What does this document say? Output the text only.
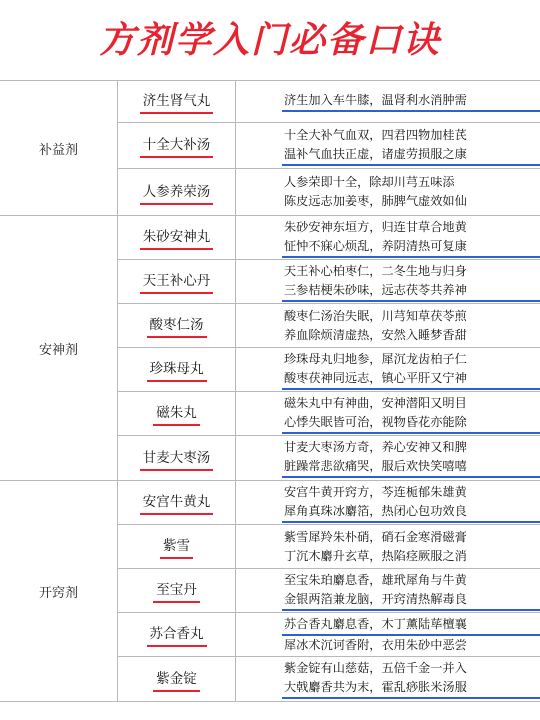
方剂学入门必备口诀
补益剂
济生肾气丸	济生加入车牛膝，温肾利水消肿需
十全大补汤
十全大补气血双，四君四物加桂芪
温补气血扶正虚，诸虚劳损服之康
人参养荣汤
人参荣即十全，除却川芎五味添
陈皮远志加姜枣，肺脾气虚效如仙
安神剂
朱砂安神丸
朱砂安神东垣方，归连甘草合地黄
怔忡不寐心烦乱，养阴清热可复康
天王补心丹
天王补心柏枣仁，二冬生地与归身
三参桔梗朱砂味，远志茯苓共养神
酸枣仁汤
酸枣仁汤治失眠，川芎知草茯苓煎
养血除烦清虚热，安然入睡梦香甜
珍珠母丸
珍珠母丸归地参，犀沉龙齿柏子仁
酸枣茯神同远志，镇心平肝又宁神
磁朱丸
磁朱丸中有神曲，安神潜阳又明目
心悸失眠皆可治，视物昏花亦能除
甘麦大枣汤
甘麦大枣汤方奇，养心安神又和脾
脏躁常悲欲痛哭，服后欢快笑嘻嘻
开窍剂
安宫牛黄丸
安宫牛黄开窍方，芩连栀郁朱雄黄
犀角真珠冰麝箔，热闭心包功效良
紫雪
紫雪犀羚朱朴硝，硝石金寒滑磁膏
丁沉木麝升玄草，热陷痉厥服之消
至宝丹
至宝朱珀麝息香，雄玳犀角与牛黄
金银两箔兼龙脑，开窍清热解毒良
苏合香丸
苏合香丸麝息香，木丁薰陆荜檀襄
犀冰术沉诃香附，衣用朱砂中恶尝
紫金锭
紫金锭有山慈菇，五倍千金一并入
大戟麝香共为末，霍乱痧胀米汤服
